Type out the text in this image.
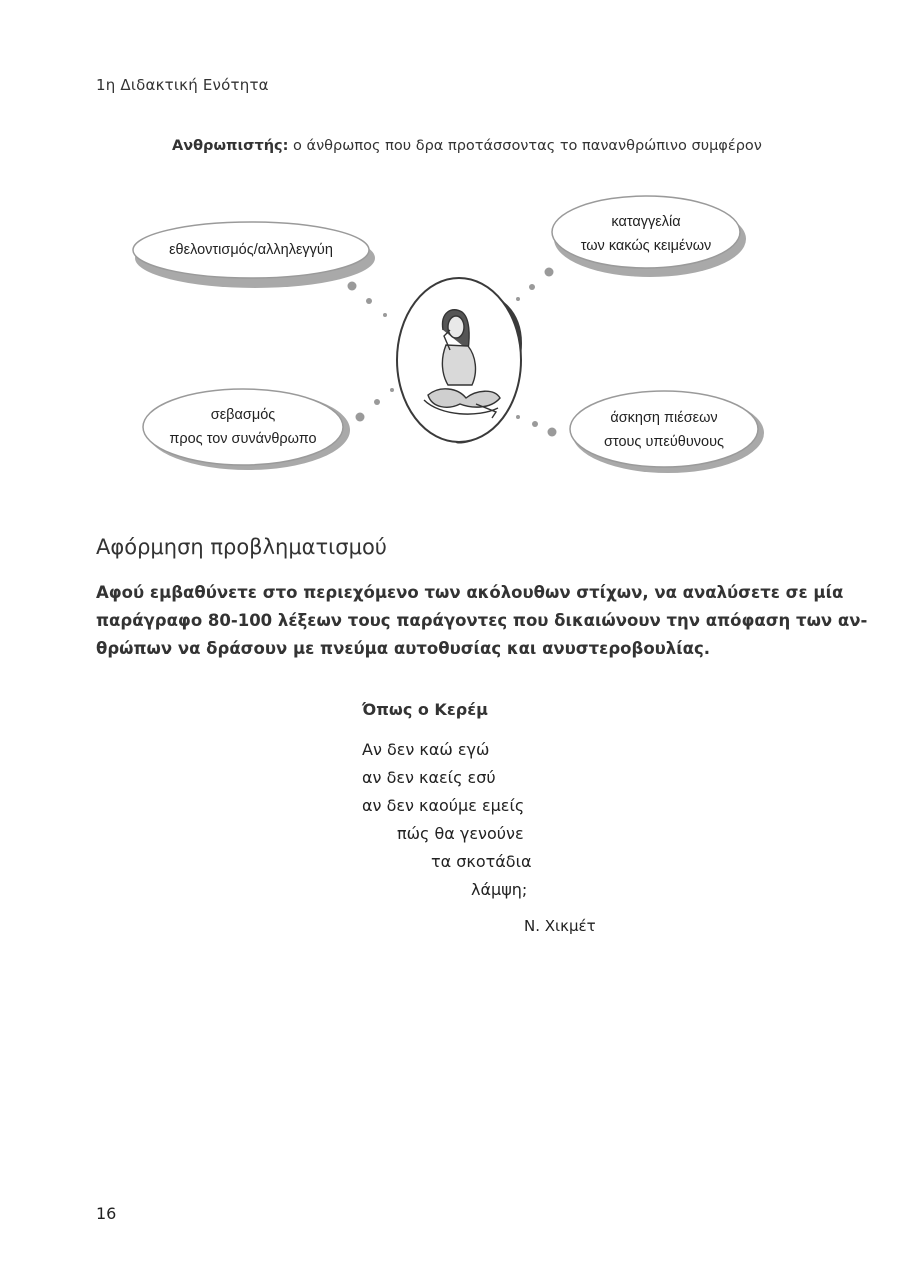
1η Διδακτική Ενότητα
Ανθρωπιστής: ο άνθρωπος που δρα προτάσσοντας το πανανθρώπινο συμφέρον
εθελοντισμός/αλληλεγγύη
καταγγελία
των κακώς κειμένων
σεβασμός
προς τον συνάνθρωπο
άσκηση πιέσεων
στους υπεύθυνους
Αφόρμηση προβληματισμού
Αφού εμβαθύνετε στο περιεχόμενο των ακόλουθων στίχων, να αναλύσετε σε μία
παράγραφο 80-100 λέξεων τους παράγοντες που δικαιώνουν την απόφαση των αν-
θρώπων να δράσουν με πνεύμα αυτοθυσίας και ανυστεροβουλίας.
Όπως ο Κερέμ
Αν δεν καώ εγώ
αν δεν καείς εσύ
αν δεν καούμε εμείς
πώς θα γενούνε
τα σκοτάδια
λάμψη;
Ν. Χικμέτ
16
